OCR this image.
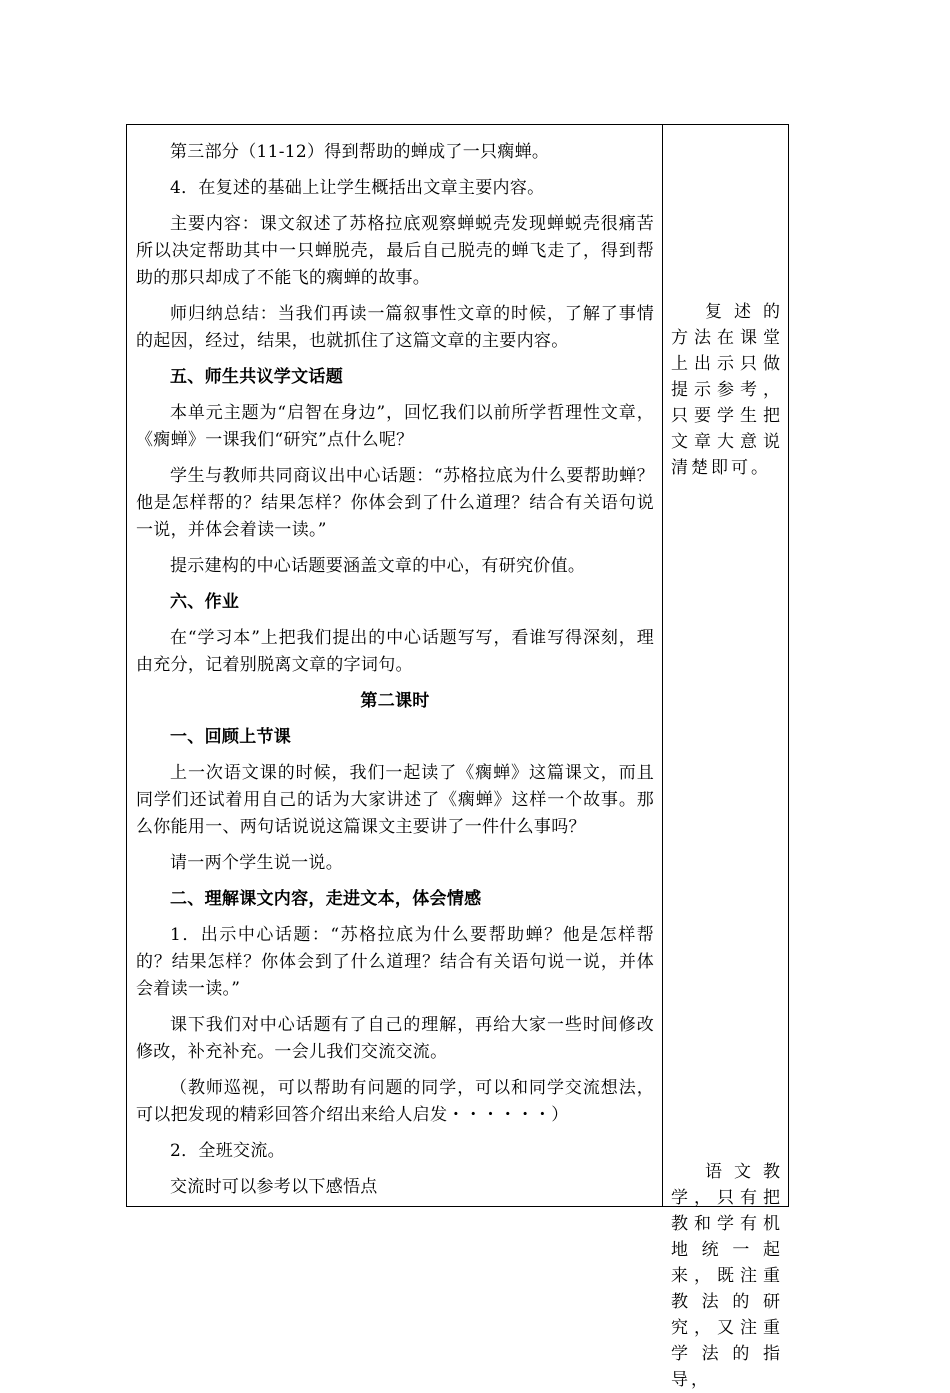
第三部分（11-12）得到帮助的蝉成了一只瘸蝉。

4．在复述的基础上让学生概括出文章主要内容。

主要内容：课文叙述了苏格拉底观察蝉蜕壳发现蝉蜕壳很痛苦所以决定帮助其中一只蝉脱壳，最后自己脱壳的蝉飞走了，得到帮助的那只却成了不能飞的瘸蝉的故事。

师归纳总结：当我们再读一篇叙事性文章的时候，了解了事情的起因，经过，结果，也就抓住了这篇文章的主要内容。

五、师生共议学文话题

本单元主题为“启智在身边”，回忆我们以前所学哲理性文章，《瘸蝉》一课我们“研究”点什么呢？

学生与教师共同商议出中心话题：“苏格拉底为什么要帮助蝉？他是怎样帮的？结果怎样？你体会到了什么道理？结合有关语句说一说，并体会着读一读。”

提示建构的中心话题要涵盖文章的中心，有研究价值。

六、作业

在“学习本”上把我们提出的中心话题写写，看谁写得深刻，理由充分，记着别脱离文章的字词句。

第二课时

一、回顾上节课

上一次语文课的时候，我们一起读了《瘸蝉》这篇课文，而且同学们还试着用自己的话为大家讲述了《瘸蝉》这样一个故事。那么你能用一、两句话说说这篇课文主要讲了一件什么事吗？

请一两个学生说一说。

二、理解课文内容，走进文本，体会情感

1．出示中心话题：“苏格拉底为什么要帮助蝉？他是怎样帮的？结果怎样？你体会到了什么道理？结合有关语句说一说，并体会着读一读。”

课下我们对中心话题有了自己的理解，再给大家一些时间修改修改，补充补充。一会儿我们交流交流。

（教师巡视，可以帮助有问题的同学，可以和同学交流想法，可以把发现的精彩回答介绍出来给人启发・・・・・・）

2．全班交流。

交流时可以参考以下感悟点

复述的方法在课堂上出示只做提示参考，只要学生把文章大意说清楚即可。

语文教学，只有把教和学有机地统一起来，既注重教法的研究，又注重学法的指导，
